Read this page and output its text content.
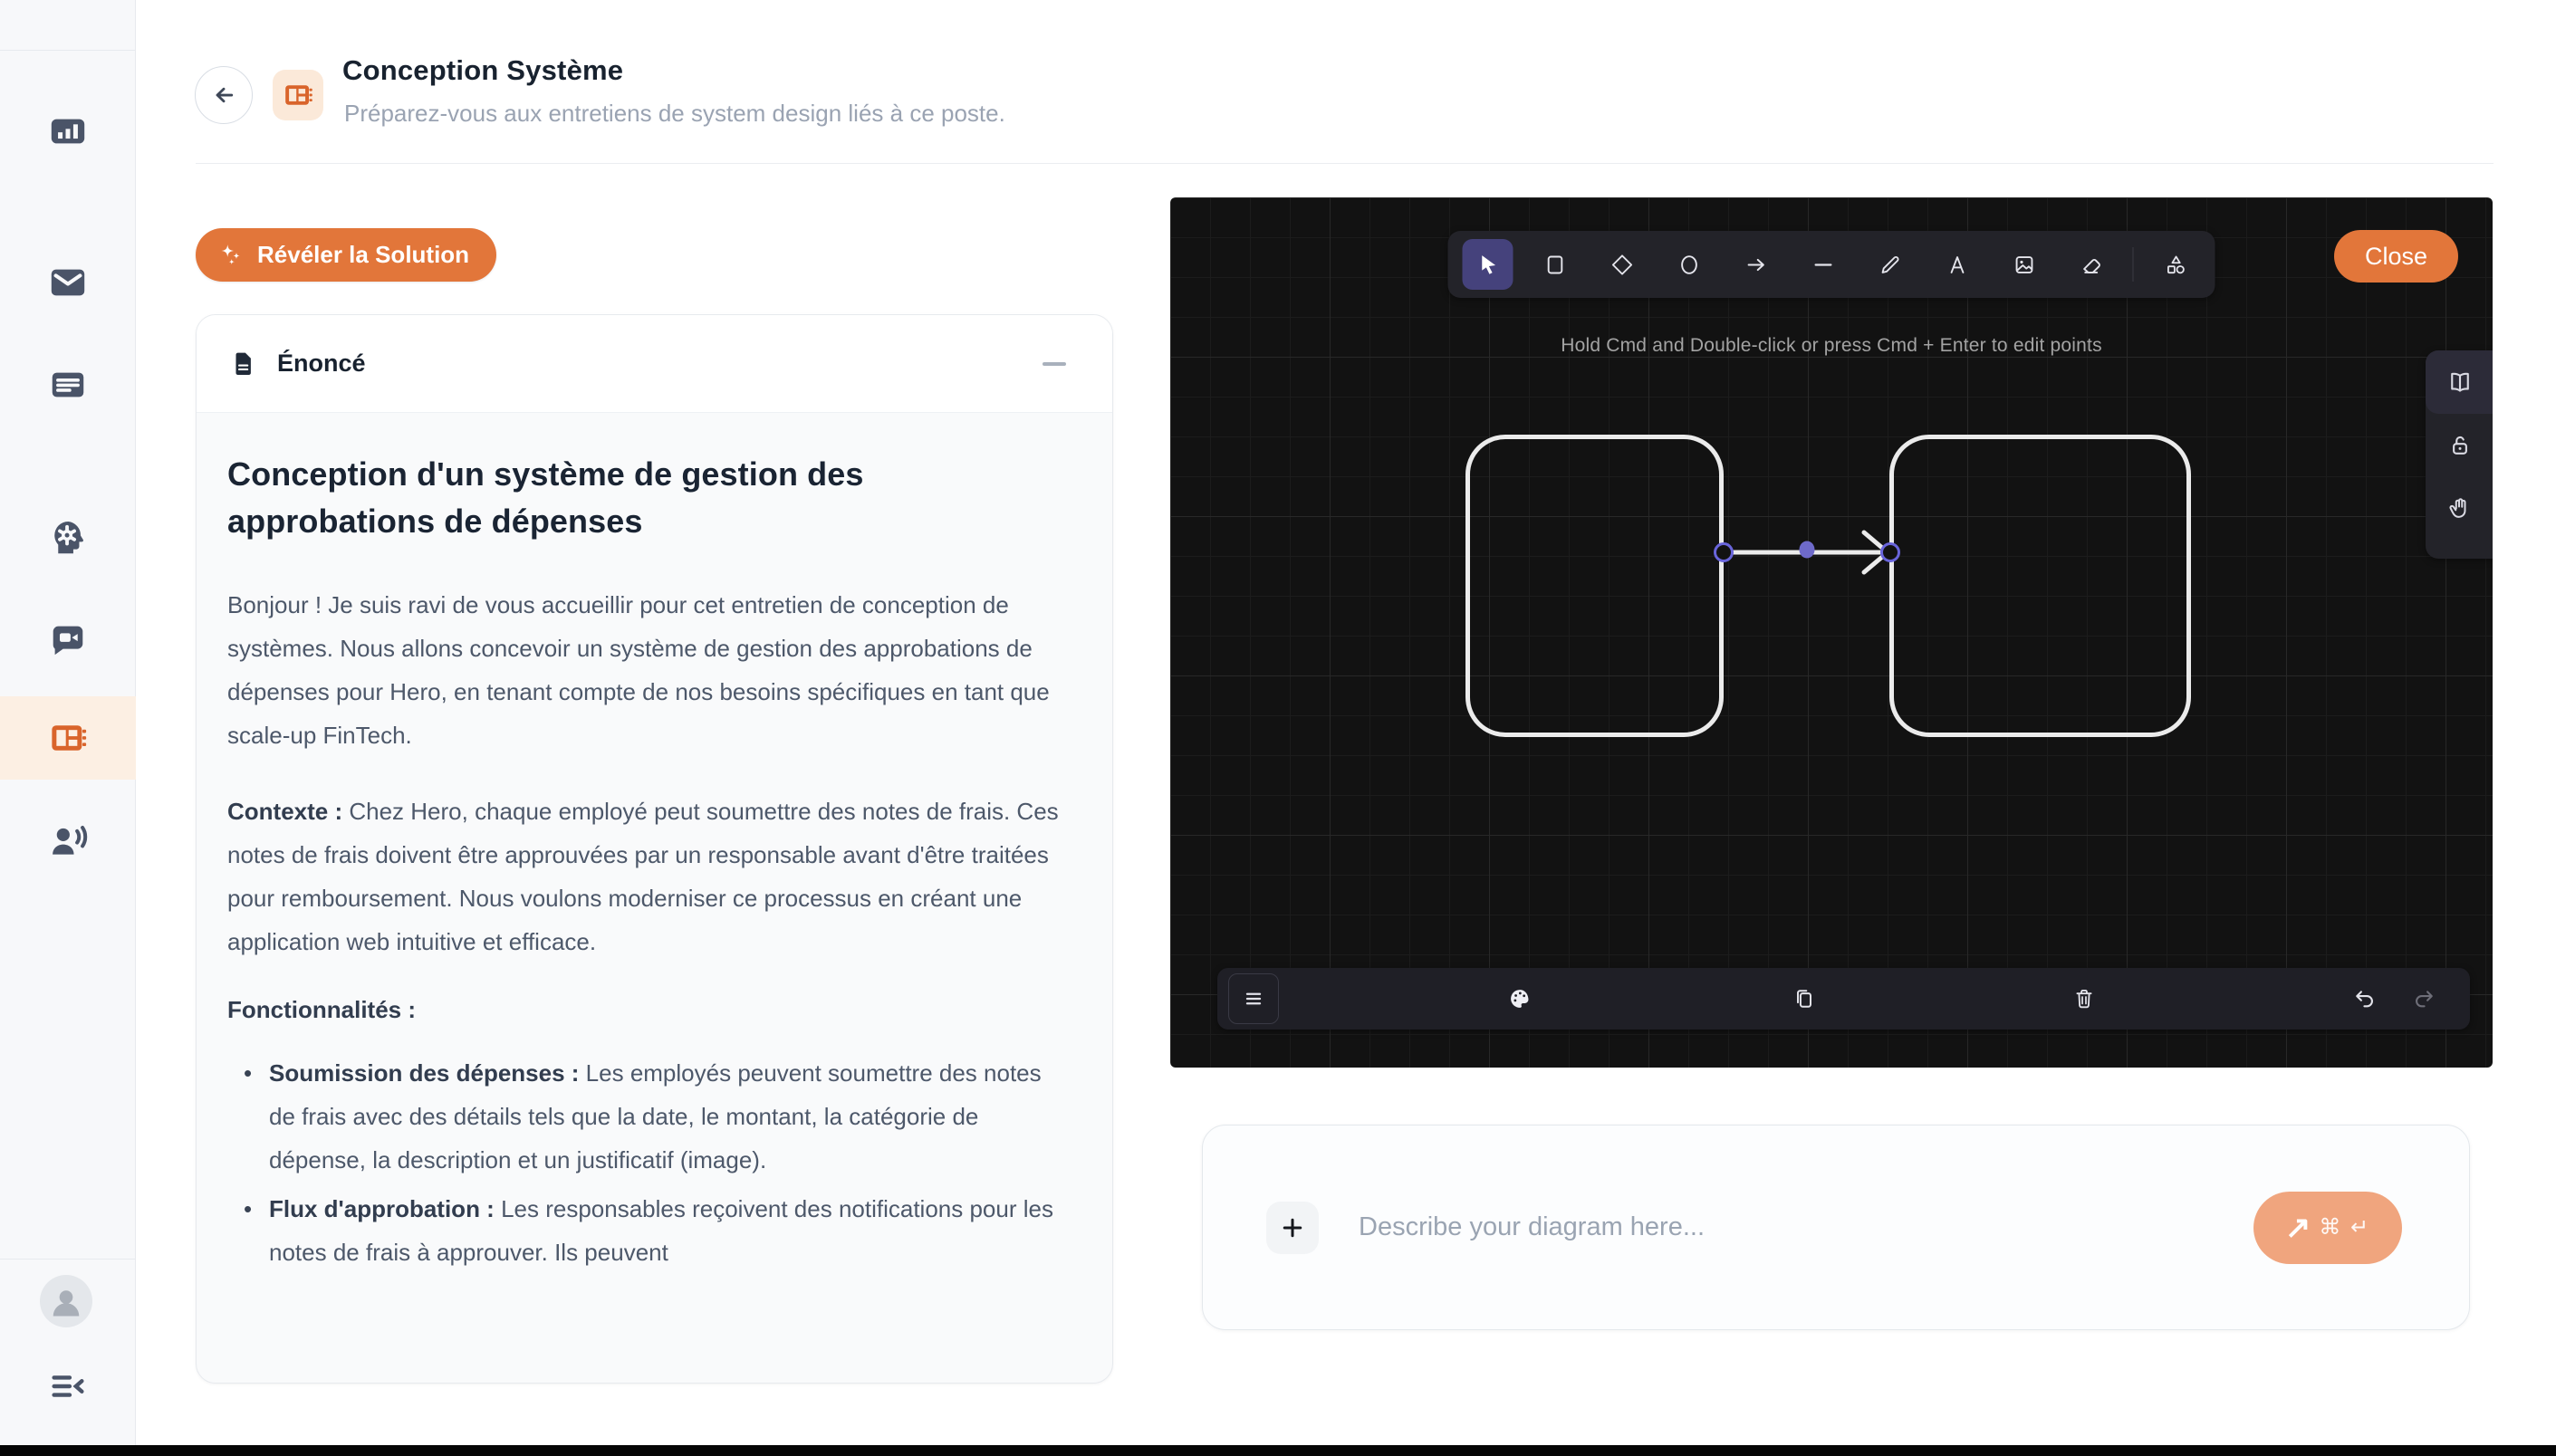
Conception Système
Préparez-vous aux entretiens de system design liés à ce poste.
Révéler la Solution
Énoncé
Conception d'un système de gestion des approbations de dépenses

Bonjour ! Je suis ravi de vous accueillir pour cet entretien de conception de systèmes. Nous allons concevoir un système de gestion des approbations de dépenses pour Hero, en tenant compte de nos besoins spécifiques en tant que scale-up FinTech.

Contexte : Chez Hero, chaque employé peut soumettre des notes de frais. Ces notes de frais doivent être approuvées par un responsable avant d'être traitées pour remboursement. Nous voulons moderniser ce processus en créant une application web intuitive et efficace.

Fonctionnalités :
• Soumission des dépenses : Les employés peuvent soumettre des notes de frais avec des détails tels que la date, le montant, la catégorie de dépense, la description et un justificatif (image).
• Flux d'approbation : Les responsables reçoivent des notifications pour les notes de frais à approuver. Ils peuvent
Close
Hold Cmd and Double-click or press Cmd + Enter to edit points
Describe your diagram here...
↗ ⌘ ↵
